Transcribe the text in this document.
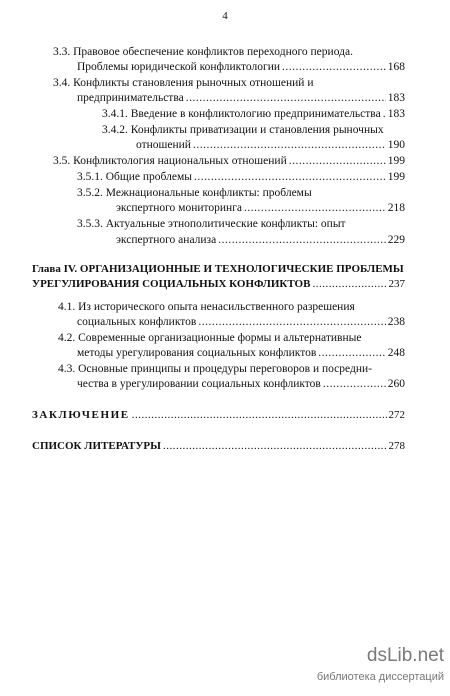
4
3.3. Правовое обеспечение конфликтов переходного периода.
Проблемы юридической конфликтологии .....	168
3.4. Конфликты становления рыночных отношений и
предпринимательства .....	183
3.4.1. Введение в конфликтологию предпринимательства ..... 183
3.4.2. Конфликты приватизации и становления рыночных
отношений .....	190
3.5. Конфликтология национальных отношений .....	199
3.5.1. Общие проблемы .....	199
3.5.2. Межнациональные конфликты: проблемы
экспертного мониторинга .....	218
3.5.3. Актуальные этнополитические конфликты: опыт
экспертного анализа .....	229
Глава IV. ОРГАНИЗАЦИОННЫЕ И ТЕХНОЛОГИЧЕСКИЕ ПРОБЛЕМЫ
УРЕГУЛИРОВАНИЯ СОЦИАЛЬНЫХ КОНФЛИКТОВ .....	237
4.1. Из исторического опыта ненасильственного разрешения
социальных конфликтов .....	238
4.2. Современные организационные формы и альтернативные
методы урегулирования социальных конфликтов .....	248
4.3. Основные принципы и процедуры переговоров и посредни-
чества в урегулировании социальных конфликтов .....	260
ЗАКЛЮЧЕНИЕ .....	272
СПИСОК ЛИТЕРАТУРЫ .....	278
dsLib.net
библиотека диссертаций
